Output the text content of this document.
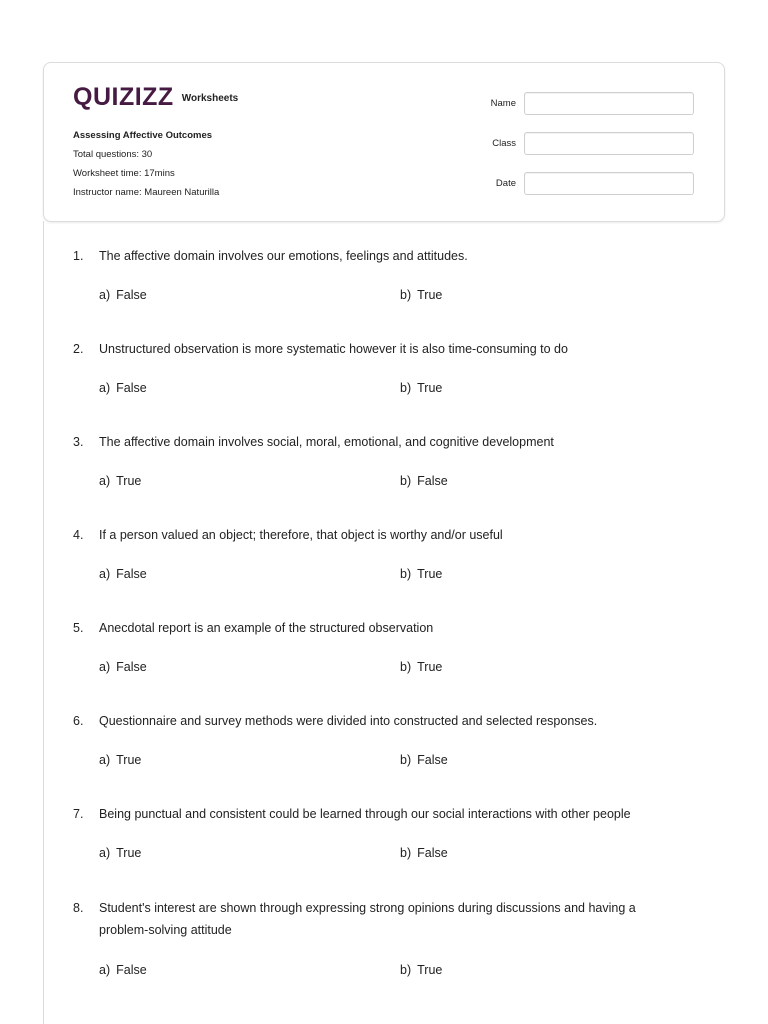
QUIZIZZ Worksheets
Assessing Affective Outcomes
Total questions: 30
Worksheet time: 17mins
Instructor name: Maureen Naturilla
Name
Class
Date
1.	The affective domain involves our emotions, feelings and attitudes.
a) False	b) True
2.	Unstructured observation is more systematic however it is also time-consuming to do
a) False	b) True
3.	The affective domain involves social, moral, emotional, and cognitive development
a) True	b) False
4.	If a person valued an object; therefore, that object is worthy and/or useful
a) False	b) True
5.	Anecdotal report is an example of the structured observation
a) False	b) True
6.	Questionnaire and survey methods were divided into constructed and selected responses.
a) True	b) False
7.	Being punctual and consistent could be learned through our social interactions with other people
a) True	b) False
8.	Student's interest are shown through expressing strong opinions during discussions and having a problem-solving attitude
a) False	b) True
